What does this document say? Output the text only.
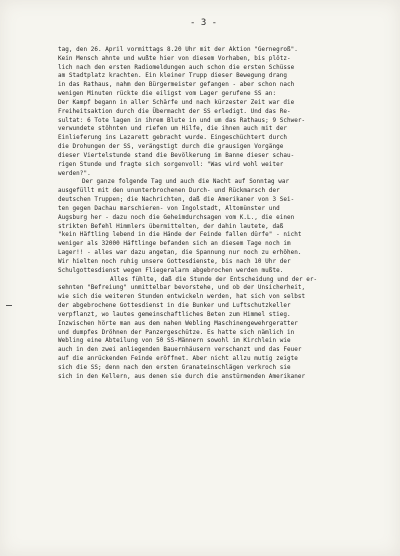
- 3 -
tag, den 26. April vormittags 8.20 Uhr mit der Aktion "Gernegroß".
Kein Mensch ahnte und wußte hier von diesem Vorhaben, bis plötz-
lich nach den ersten Radiomeldungen auch schon die ersten Schüsse
am Stadtplatz krachten. Ein kleiner Trupp dieser Bewegung drang
in das Rathaus, nahm den Bürgermeister gefangen - aber schon nach
wenigen Minuten rückte die eiligst vom Lager gerufene SS an:
Der Kampf begann in aller Schärfe und nach kürzester Zeit war die
Freiheitsaktion durch die Übermacht der SS erledigt. Und das Re-
sultat: 6 Tote lagen in ihrem Blute in und um das Rathaus; 9 Schwer-
verwundete stöhnten und riefen um Hilfe, die ihnen auch mit der
Einlieferung ins Lazarett gebracht wurde. Eingeschüchtert durch
die Drohungen der SS, verängstigt durch die grausigen Vorgänge
dieser Viertelstunde stand die Bevölkerung im Banne dieser schau-
rigen Stunde und fragte sich sorgenvoll: "Was wird wohl weiter
werden?".
Der ganze folgende Tag und auch die Nacht auf Sonntag war
ausgefüllt mit den ununterbrochenen Durch- und Rückmarsch der
deutschen Truppen; die Nachrichten, daß die Amerikaner von 3 Sei-
ten gegen Dachau marschieren- von Ingolstadt, Altomünster und
Augsburg her - dazu noch die Geheimdurchsagen vom K.L., die einen
strikten Befehl Himmlers übermittelten, der dahin lautete, daß
"kein Häftling lebend in die Hände der Feinde fallen dürfe" - nicht
weniger als 32000 Häftlinge befanden sich an diesem Tage noch im
Lager!! - alles war dazu angetan, die Spannung nur noch zu erhöhen.
Wir hielten noch ruhig unsere Gottesdienste, bis nach 10 Uhr der
Schulgottesdienst wegen Fliegeralarm abgebrochen werden mußte.
Alles fühlte, daß die Stunde der Entscheidung und der er-
sehnten "Befreiung" unmittelbar bevorstehe, und ob der Unsicherheit,
wie sich die weiteren Stunden entwickeln werden, hat sich von selbst
der abgebrochene Gottesdienst in die Bunker und Luftschutzkeller
verpflanzt, wo lautes gemeinschaftliches Beten zum Himmel stieg.
Inzwischen hörte man aus dem nahen Webling Maschinengewehrgeratter
und dumpfes Dröhnen der Panzergeschütze. Es hatte sich nämlich in
Webling eine Abteilung von 50 SS-Männern sowohl im Kirchlein wie
auch in den zwei anliegenden Bauernhäusern verschanzt und das Feuer
auf die anrückenden Feinde eröffnet. Aber nicht allzu mutig zeigte
sich die SS; denn nach den ersten Granateinschlägen verkroch sie
sich in den Kellern, aus denen sie durch die anstürmenden Amerikaner
